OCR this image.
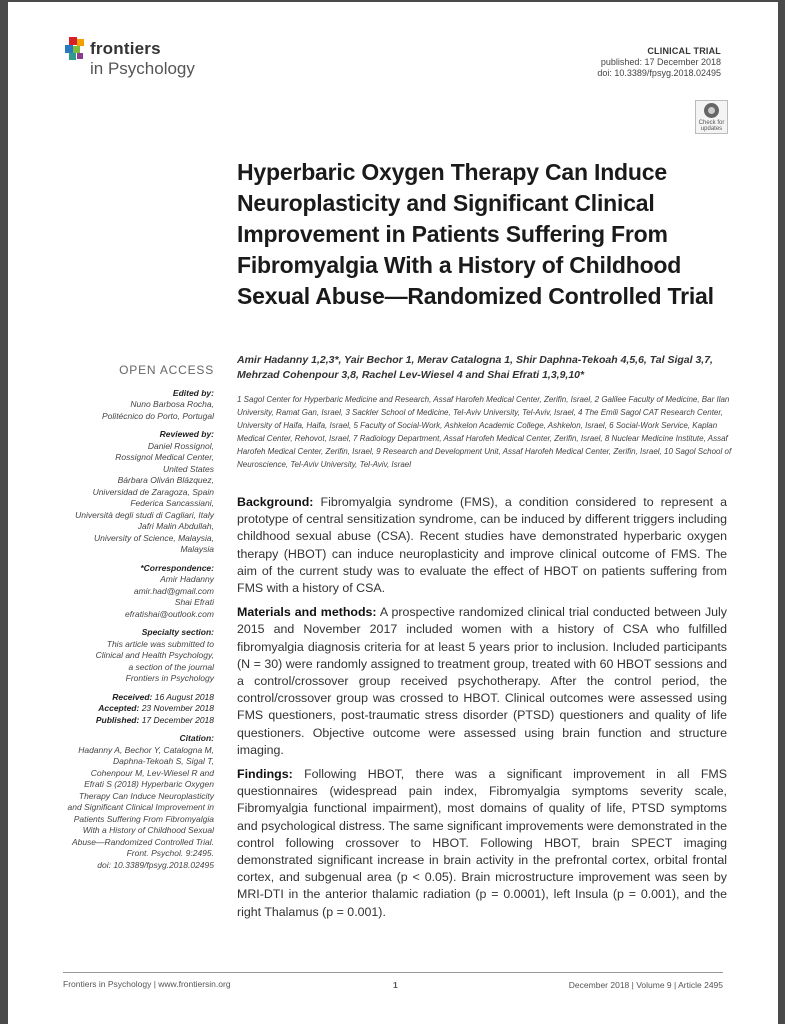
frontiers
in Psychology
CLINICAL TRIAL
published: 17 December 2018
doi: 10.3389/fpsyg.2018.02495
Check for
updates
Hyperbaric Oxygen Therapy Can Induce Neuroplasticity and Significant Clinical Improvement in Patients Suffering From Fibromyalgia With a History of Childhood Sexual Abuse—Randomized Controlled Trial
Amir Hadanny 1,2,3*, Yair Bechor 1, Merav Catalogna 1, Shir Daphna-Tekoah 4,5,6, Tal Sigal 3,7, Mehrzad Cohenpour 3,8, Rachel Lev-Wiesel 4 and Shai Efrati 1,3,9,10*
1 Sagol Center for Hyperbaric Medicine and Research, Assaf Harofeh Medical Center, Zerifin, Israel, 2 Galilee Faculty of Medicine, Bar Ilan University, Ramat Gan, Israel, 3 Sackler School of Medicine, Tel-Aviv University, Tel-Aviv, Israel, 4 The Emili Sagol CAT Research Center, University of Haifa, Haifa, Israel, 5 Faculty of Social-Work, Ashkelon Academic College, Ashkelon, Israel, 6 Social-Work Service, Kaplan Medical Center, Rehovot, Israel, 7 Radiology Department, Assaf Harofeh Medical Center, Zerifin, Israel, 8 Nuclear Medicine Institute, Assaf Harofeh Medical Center, Zerifin, Israel, 9 Research and Development Unit, Assaf Harofeh Medical Center, Zerifin, Israel, 10 Sagol School of Neuroscience, Tel-Aviv University, Tel-Aviv, Israel
OPEN ACCESS
Edited by:
Nuno Barbosa Rocha,
Politécnico do Porto, Portugal
Reviewed by:
Daniel Rossignol,
Rossignol Medical Center,
United States
Bárbara Oliván Blázquez,
Universidad de Zaragoza, Spain
Federica Sancassiani,
Università degli studi di Cagliari, Italy
Jafri Malin Abdullah,
University of Science, Malaysia,
Malaysia
*Correspondence:
Amir Hadanny
amir.had@gmail.com
Shai Efrati
efratishai@outlook.com
Specialty section:
This article was submitted to
Clinical and Health Psychology,
a section of the journal
Frontiers in Psychology
Received: 16 August 2018
Accepted: 23 November 2018
Published: 17 December 2018
Citation:
Hadanny A, Bechor Y, Catalogna M,
Daphna-Tekoah S, Sigal T,
Cohenpour M, Lev-Wiesel R and
Efrati S (2018) Hyperbaric Oxygen
Therapy Can Induce Neuroplasticity
and Significant Clinical Improvement in
Patients Suffering From Fibromyalgia
With a History of Childhood Sexual
Abuse—Randomized Controlled Trial.
Front. Psychol. 9:2495.
doi: 10.3389/fpsyg.2018.02495

Background: Fibromyalgia syndrome (FMS), a condition considered to represent a prototype of central sensitization syndrome, can be induced by different triggers including childhood sexual abuse (CSA). Recent studies have demonstrated hyperbaric oxygen therapy (HBOT) can induce neuroplasticity and improve clinical outcome of FMS. The aim of the current study was to evaluate the effect of HBOT on patients suffering from FMS with a history of CSA.

Materials and methods: A prospective randomized clinical trial conducted between July 2015 and November 2017 included women with a history of CSA who fulfilled fibromyalgia diagnosis criteria for at least 5 years prior to inclusion. Included participants (N = 30) were randomly assigned to treatment group, treated with 60 HBOT sessions and a control/crossover group received psychotherapy. After the control period, the control/crossover group was crossed to HBOT. Clinical outcomes were assessed using FMS questioners, post-traumatic stress disorder (PTSD) questioners and quality of life questioners. Objective outcome were assessed using brain function and structure imaging.

Findings: Following HBOT, there was a significant improvement in all FMS questionnaires (widespread pain index, Fibromyalgia symptoms severity scale, Fibromyalgia functional impairment), most domains of quality of life, PTSD symptoms and psychological distress. The same significant improvements were demonstrated in the control following crossover to HBOT. Following HBOT, brain SPECT imaging demonstrated significant increase in brain activity in the prefrontal cortex, orbital frontal cortex, and subgenual area (p < 0.05). Brain microstructure improvement was seen by MRI-DTI in the anterior thalamic radiation (p = 0.0001), left Insula (p = 0.001), and the right Thalamus (p = 0.001).

Frontiers in Psychology | www.frontiersin.org	1	December 2018 | Volume 9 | Article 2495
